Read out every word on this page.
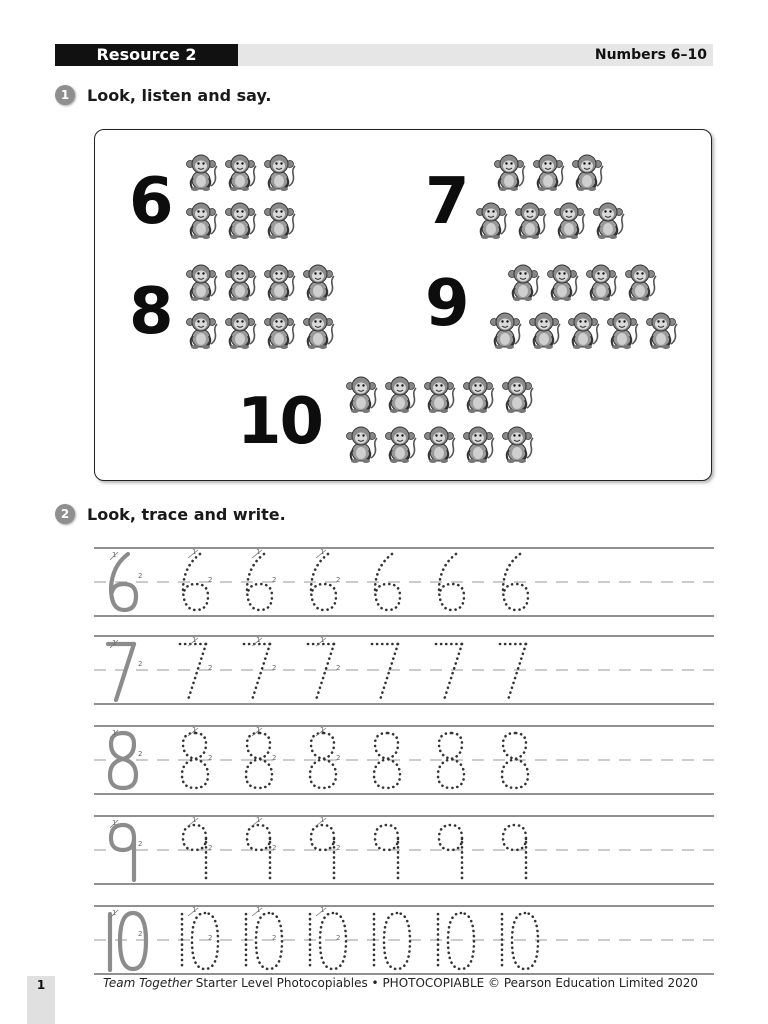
Resource 2	Numbers 6–10
1	Look, listen and say.
6	7
8	9
10
2	Look, trace and write.
1
2
1
2
1
2
1
2
1
2
1
2
1
2
1
2
1
2
1
2
1
2
1
2
1
2
1
2
1
2
1
2
1
2
1
2
1
2
1
2
1	Team Together Starter Level Photocopiables • PHOTOCOPIABLE © Pearson Education Limited 2020
